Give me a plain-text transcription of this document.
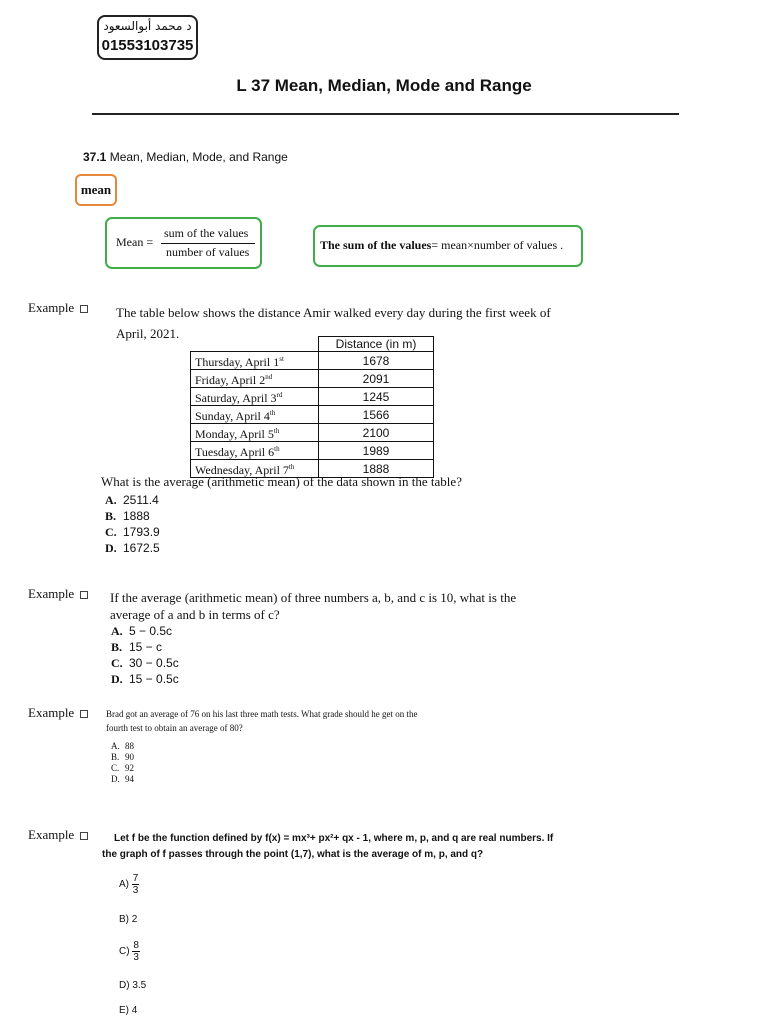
د محمد أبوالسعود
01553103735
L 37 Mean, Median, Mode and Range
37.1 Mean, Median, Mode, and Range
mean
Mean =
sum of the values
number of values	The sum of the values= mean×number of values .
Example	The table below shows the distance Amir walked every day during the first week of
April, 2021.
	Distance (in m)
Thursday, April 1st	1678
Friday, April 2nd	2091
Saturday, April 3rd	1245
Sunday, April 4th	1566
Monday, April 5th	2100
Tuesday, April 6th	1989
Wednesday, April 7th	1888
What is the average (arithmetic mean) of the data shown in the table?
A. 2511.4
B. 1888
C. 1793.9
D. 1672.5
Example	If the average (arithmetic mean) of three numbers a, b, and c is 10, what is the
average of a and b in terms of c?
A. 5 − 0.5c
B. 15 − c
C. 30 − 0.5c
D. 15 − 0.5c
Example	Brad got an average of 76 on his last three math tests. What grade should he get on the
fourth test to obtain an average of 80?
A. 88
B. 90
C. 92
D. 94
Example	Let f be the function defined by f(x) = mx³+ px²+ qx - 1, where m, p, and q are real numbers. If
the graph of f passes through the point (1,7), what is the average of m, p, and q?
$A) \frac{7}{3}$
B) 2
$C) \frac{8}{3}$
D) 3.5
E) 4
